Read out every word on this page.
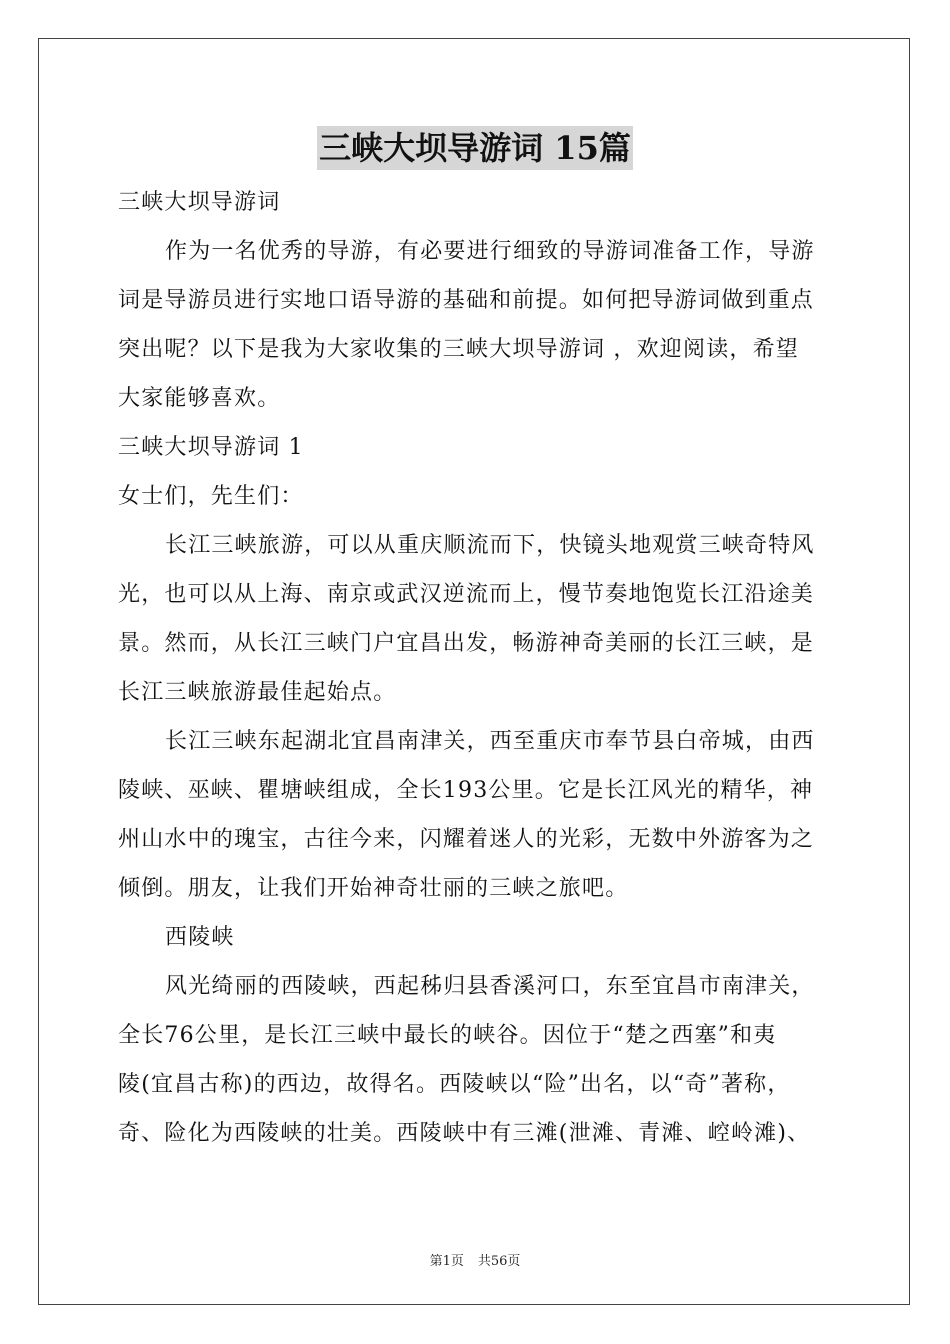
三峡大坝导游词 15篇
三峡大坝导游词
作为一名优秀的导游，有必要进行细致的导游词准备工作，导游
词是导游员进行实地口语导游的基础和前提。如何把导游词做到重点
突出呢？以下是我为大家收集的三峡大坝导游词 ，欢迎阅读，希望
大家能够喜欢。
三峡大坝导游词 1
女士们，先生们：
长江三峡旅游，可以从重庆顺流而下，快镜头地观赏三峡奇特风
光，也可以从上海、南京或武汉逆流而上，慢节奏地饱览长江沿途美
景。然而，从长江三峡门户宜昌出发，畅游神奇美丽的长江三峡，是
长江三峡旅游最佳起始点。
长江三峡东起湖北宜昌南津关，西至重庆市奉节县白帝城，由西
陵峡、巫峡、瞿塘峡组成，全长193公里。它是长江风光的精华，神
州山水中的瑰宝，古往今来，闪耀着迷人的光彩，无数中外游客为之
倾倒。朋友，让我们开始神奇壮丽的三峡之旅吧。
西陵峡
风光绮丽的西陵峡，西起秭归县香溪河口，东至宜昌市南津关，
全长76公里，是长江三峡中最长的峡谷。因位于“楚之西塞”和夷
陵(宜昌古称)的西边，故得名。西陵峡以“险”出名，以“奇”著称，
奇、险化为西陵峡的壮美。西陵峡中有三滩(泄滩、青滩、崆岭滩)、
第1页 共56页
